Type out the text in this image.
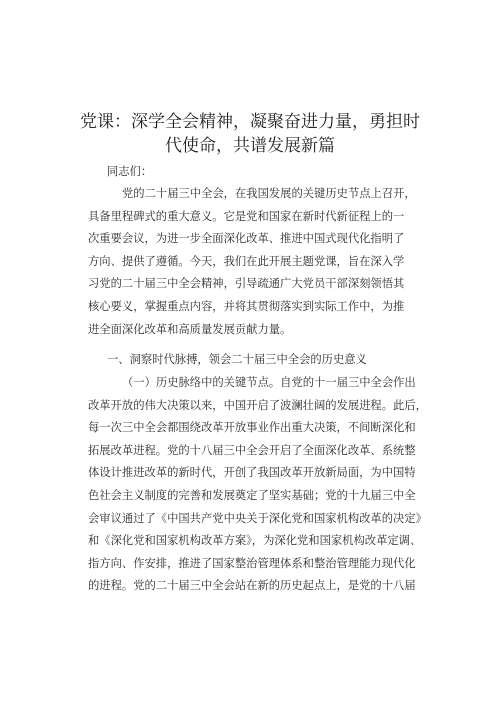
党课：深学全会精神，凝聚奋进力量，勇担时
代使命，共谱发展新篇
同志们：
党的二十届三中全会，在我国发展的关键历史节点上召开，
具备里程碑式的重大意义。它是党和国家在新时代新征程上的一
次重要会议，为进一步全面深化改革、推进中国式现代化指明了
方向、提供了遵循。今天，我们在此开展主题党课，旨在深入学
习党的二十届三中全会精神，引导疏通广大党员干部深刻领悟其
核心要义，掌握重点内容，并将其贯彻落实到实际工作中，为推
进全面深化改革和高质量发展贡献力量。
一、洞察时代脉搏，领会二十届三中全会的历史意义
（一）历史脉络中的关键节点。自党的十一届三中全会作出
改革开放的伟大决策以来，中国开启了波澜壮阔的发展进程。此后，
每一次三中全会都围绕改革开放事业作出重大决策，不间断深化和
拓展改革进程。党的十八届三中全会开启了全面深化改革、系统整
体设计推进改革的新时代，开创了我国改革开放新局面，为中国特
色社会主义制度的完善和发展奠定了坚实基础；党的十九届三中全
会审议通过了《中国共产党中央关于深化党和国家机构改革的决定》
和《深化党和国家机构改革方案》，为深化党和国家机构改革定调、
指方向、作安排，推进了国家整治管理体系和整治管理能力现代化
的进程。党的二十届三中全会站在新的历史起点上，是党的十八届
